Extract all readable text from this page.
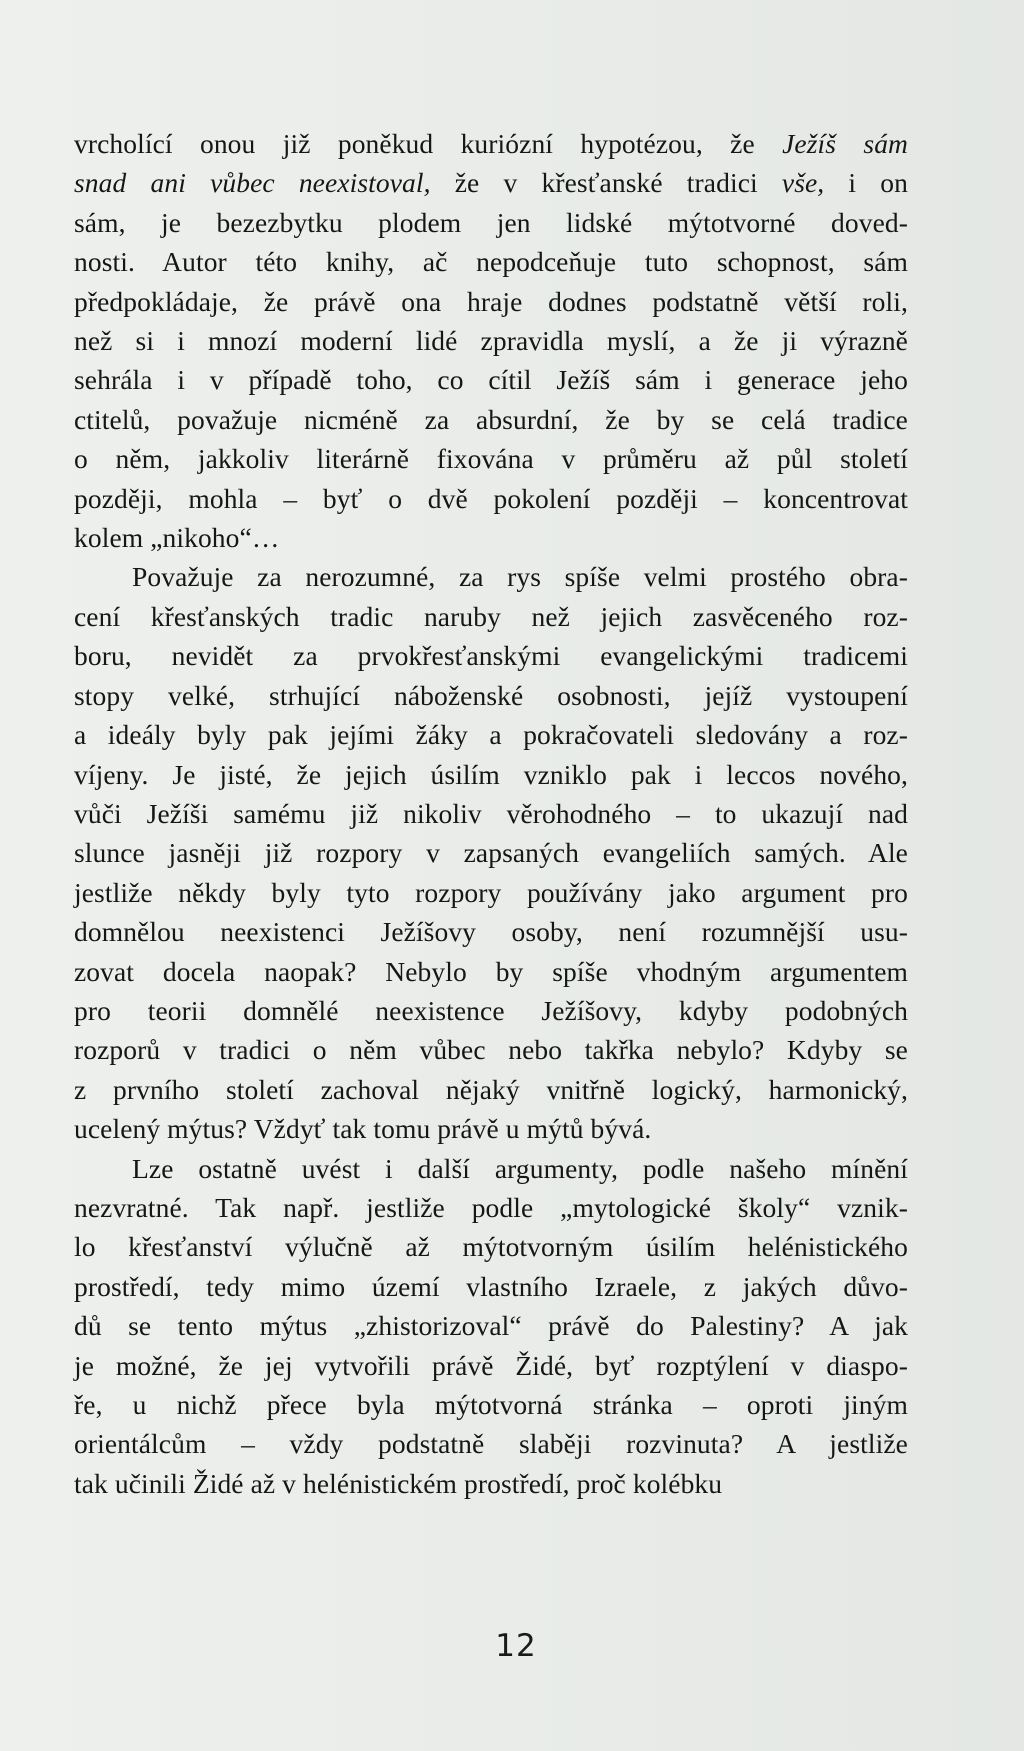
vrcholící onou již poněkud kuriózní hypotézou, že Ježíš sám
snad ani vůbec neexistoval, že v křesťanské tradici vše, i on
sám, je bezezbytku plodem jen lidské mýtotvorné doved-
nosti. Autor této knihy, ač nepodceňuje tuto schopnost, sám
předpokládaje, že právě ona hraje dodnes podstatně větší roli,
než si i mnozí moderní lidé zpravidla myslí, a že ji výrazně
sehrála i v případě toho, co cítil Ježíš sám i generace jeho
ctitelů, považuje nicméně za absurdní, že by se celá tradice
o něm, jakkoliv literárně fixována v průměru až půl století
později, mohla – byť o dvě pokolení později – koncentrovat
kolem „nikoho“…
Považuje za nerozumné, za rys spíše velmi prostého obra-
cení křesťanských tradic naruby než jejich zasvěceného roz-
boru, nevidět za prvokřesťanskými evangelickými tradicemi
stopy velké, strhující náboženské osobnosti, jejíž vystoupení
a ideály byly pak jejími žáky a pokračovateli sledovány a roz-
víjeny. Je jisté, že jejich úsilím vzniklo pak i leccos nového,
vůči Ježíši samému již nikoliv věrohodného – to ukazují nad
slunce jasněji již rozpory v zapsaných evangeliích samých. Ale
jestliže někdy byly tyto rozpory používány jako argument pro
domnělou neexistenci Ježíšovy osoby, není rozumnější usu-
zovat docela naopak? Nebylo by spíše vhodným argumentem
pro teorii domnělé neexistence Ježíšovy, kdyby podobných
rozporů v tradici o něm vůbec nebo takřka nebylo? Kdyby se
z prvního století zachoval nějaký vnitřně logický, harmonický,
ucelený mýtus? Vždyť tak tomu právě u mýtů bývá.
Lze ostatně uvést i další argumenty, podle našeho mínění
nezvratné. Tak např. jestliže podle „mytologické školy“ vznik-
lo křesťanství výlučně až mýtotvorným úsilím helénistického
prostředí, tedy mimo území vlastního Izraele, z jakých důvo-
dů se tento mýtus „zhistorizoval“ právě do Palestiny? A jak
je možné, že jej vytvořili právě Židé, byť rozptýlení v diaspo-
ře, u nichž přece byla mýtotvorná stránka – oproti jiným
orientálcům – vždy podstatně slaběji rozvinuta? A jestliže
tak učinili Židé až v helénistickém prostředí, proč kolébku
12
